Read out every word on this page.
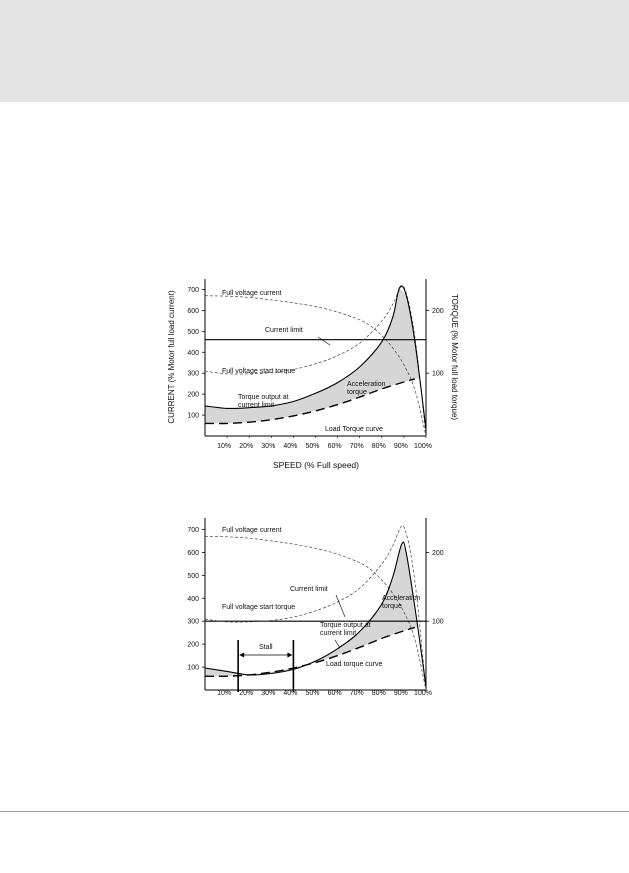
100
200
300
400
500
600
700
100
200
10% 20% 30% 40% 50% 60% 70% 80% 90% 100%
Full voltage current
Current limit
Full voltage start torque
Torque output at
current limit
Load Torque curve
Acceleration
torque
SPEED (% Full speed)
CURRENT (% Motor full load current)	TORQUE (% Motor full load torque)
100
200
300
400
500
600
700
100
200
10% 20% 30% 40% 50% 60% 70% 80% 90% 100%
Full voltage current
Current limit
Full voltage start torque
Torque output at
current limit
Load torque curve
Acceleration
torque
Stall
